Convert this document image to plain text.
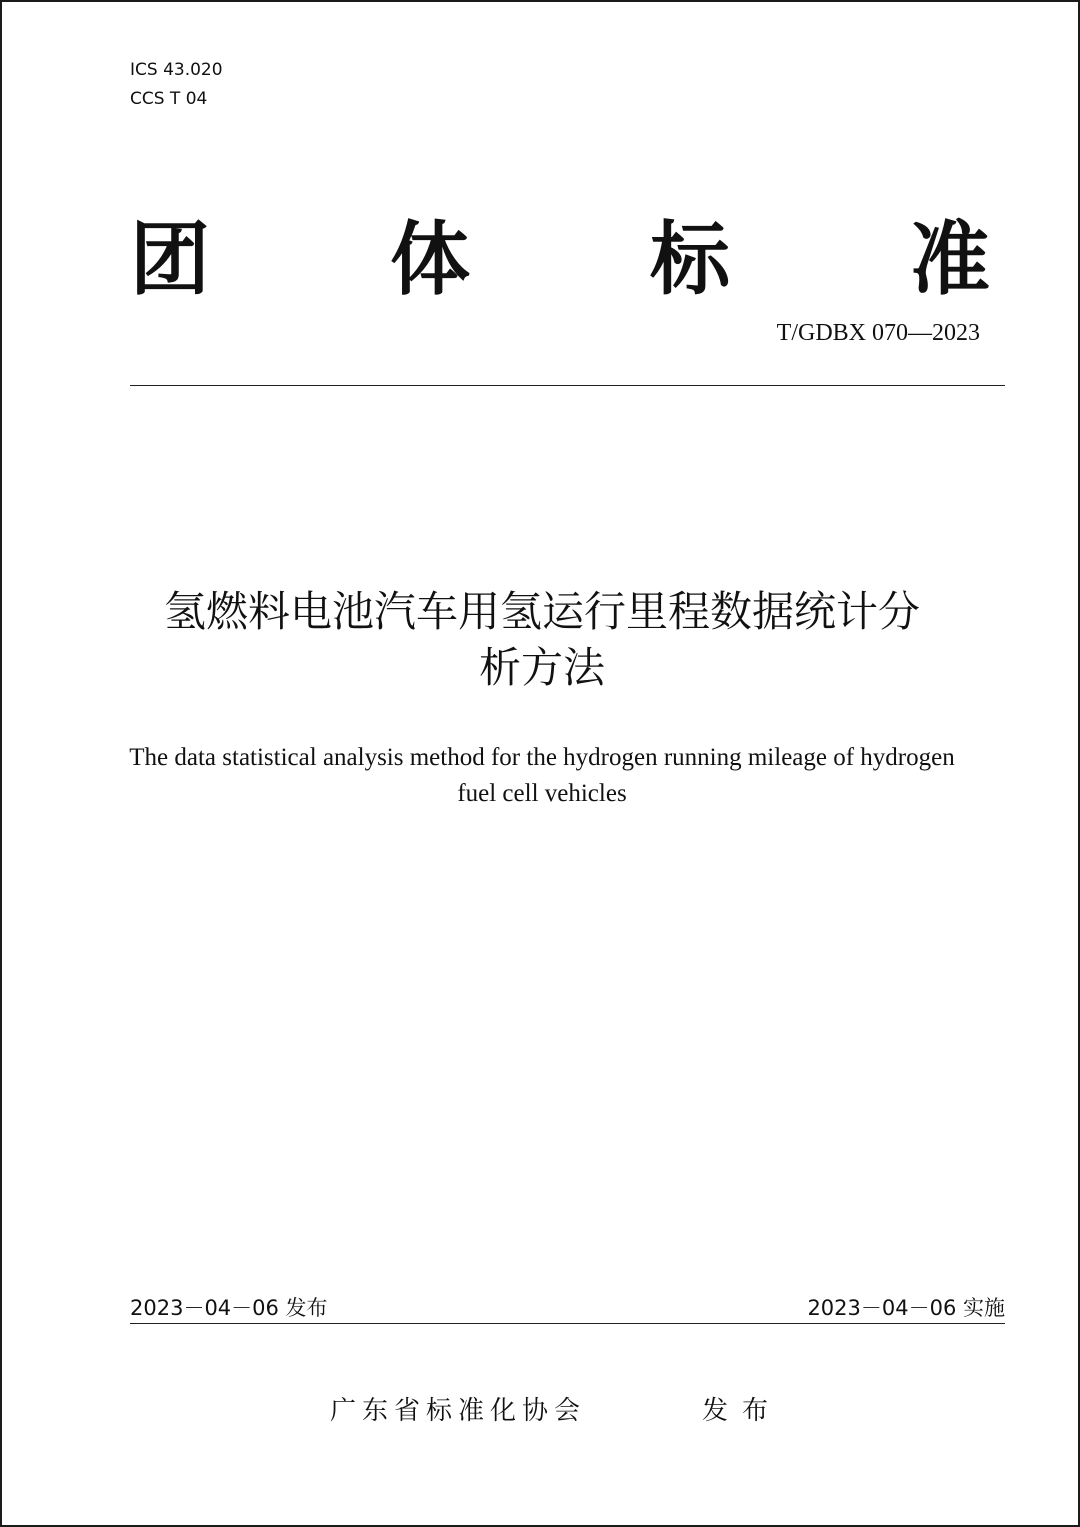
ICS 43.020
CCS T 04
团 体 标 准
T/GDBX 070—2023
氢燃料电池汽车用氢运行里程数据统计分
析方法
The data statistical analysis method for the hydrogen running mileage of hydrogen
fuel cell vehicles
2023－04－06 发布	2023－04－06 实施
广东省标准化协会	发布
